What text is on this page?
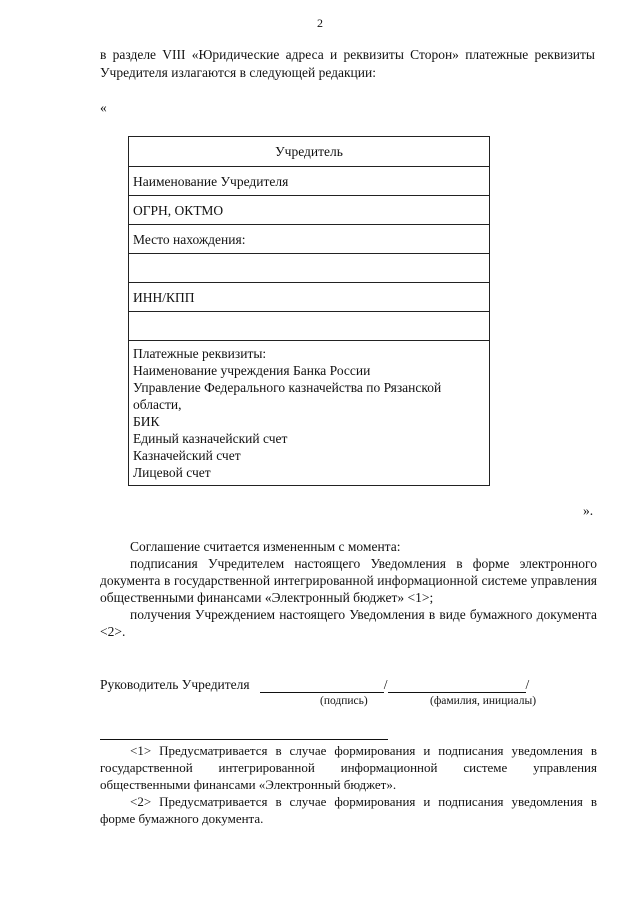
2
в разделе VIII «Юридические адреса и реквизиты Сторон» платежные реквизиты Учредителя излагаются в следующей редакции:
«
Учредитель
Наименование Учредителя
ОГРН, ОКТМО
Место нахождения:

ИНН/КПП

Платежные реквизиты:
Наименование учреждения Банка России
Управление Федерального казначейства по Рязанской области,
БИК
Единый казначейский счет
Казначейский счет
Лицевой счет
».

Соглашение считается измененным с момента:

подписания Учредителем настоящего Уведомления в форме электронного документа в государственной интегрированной информационной системе управления общественными финансами «Электронный бюджет» <1>;

получения Учреждением настоящего Уведомления в виде бумажного документа <2>.

Руководитель Учредителя	/	/
(подпись)	(фамилия, инициалы)

<1> Предусматривается в случае формирования и подписания уведомления в государственной интегрированной информационной системе управления общественными финансами «Электронный бюджет».

<2> Предусматривается в случае формирования и подписания уведомления в форме бумажного документа.
